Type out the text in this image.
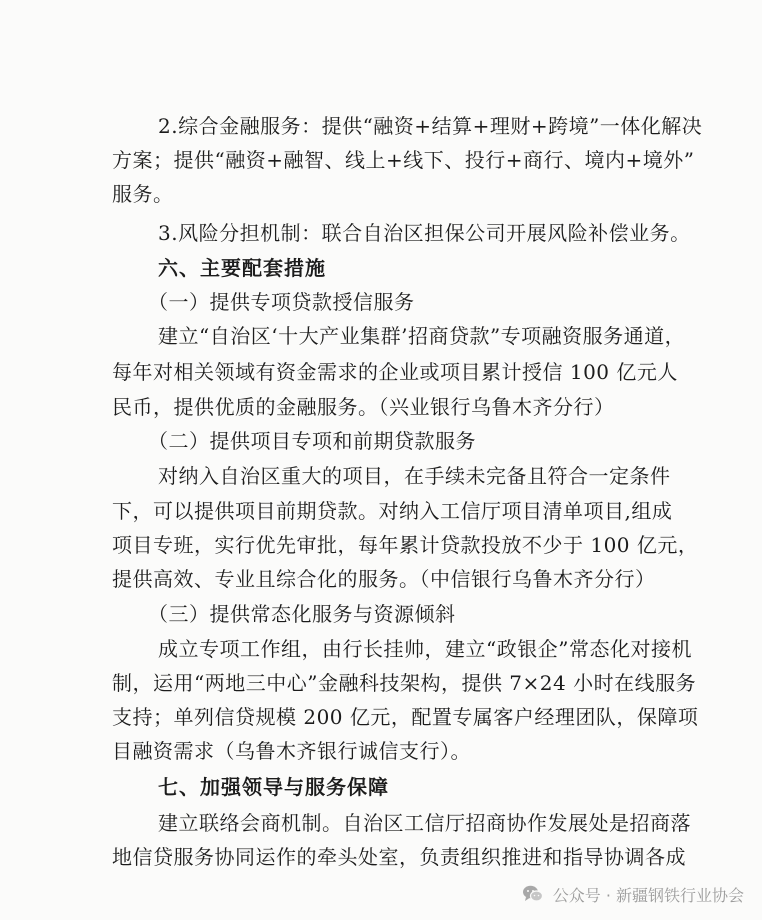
2.综合金融服务：提供“融资+结算+理财+跨境”一体化解决
方案；提供“融资+融智、线上+线下、投行+商行、境内+境外”
服务。
3.风险分担机制：联合自治区担保公司开展风险补偿业务。
六、主要配套措施
（一）提供专项贷款授信服务
建立“自治区‘十大产业集群’招商贷款”专项融资服务通道，
每年对相关领域有资金需求的企业或项目累计授信 100 亿元人
民币，提供优质的金融服务。（兴业银行乌鲁木齐分行）
（二）提供项目专项和前期贷款服务
对纳入自治区重大的项目，在手续未完备且符合一定条件
下，可以提供项目前期贷款。对纳入工信厅项目清单项目,组成
项目专班，实行优先审批，每年累计贷款投放不少于 100 亿元，
提供高效、专业且综合化的服务。（中信银行乌鲁木齐分行）
（三）提供常态化服务与资源倾斜
成立专项工作组，由行长挂帅，建立“政银企”常态化对接机
制，运用“两地三中心”金融科技架构，提供 7×24 小时在线服务
支持；单列信贷规模 200 亿元，配置专属客户经理团队，保障项
目融资需求（乌鲁木齐银行诚信支行）。
七、加强领导与服务保障
建立联络会商机制。自治区工信厅招商协作发展处是招商落
地信贷服务协同运作的牵头处室，负责组织推进和指导协调各成
公众号 · 新疆钢铁行业协会
